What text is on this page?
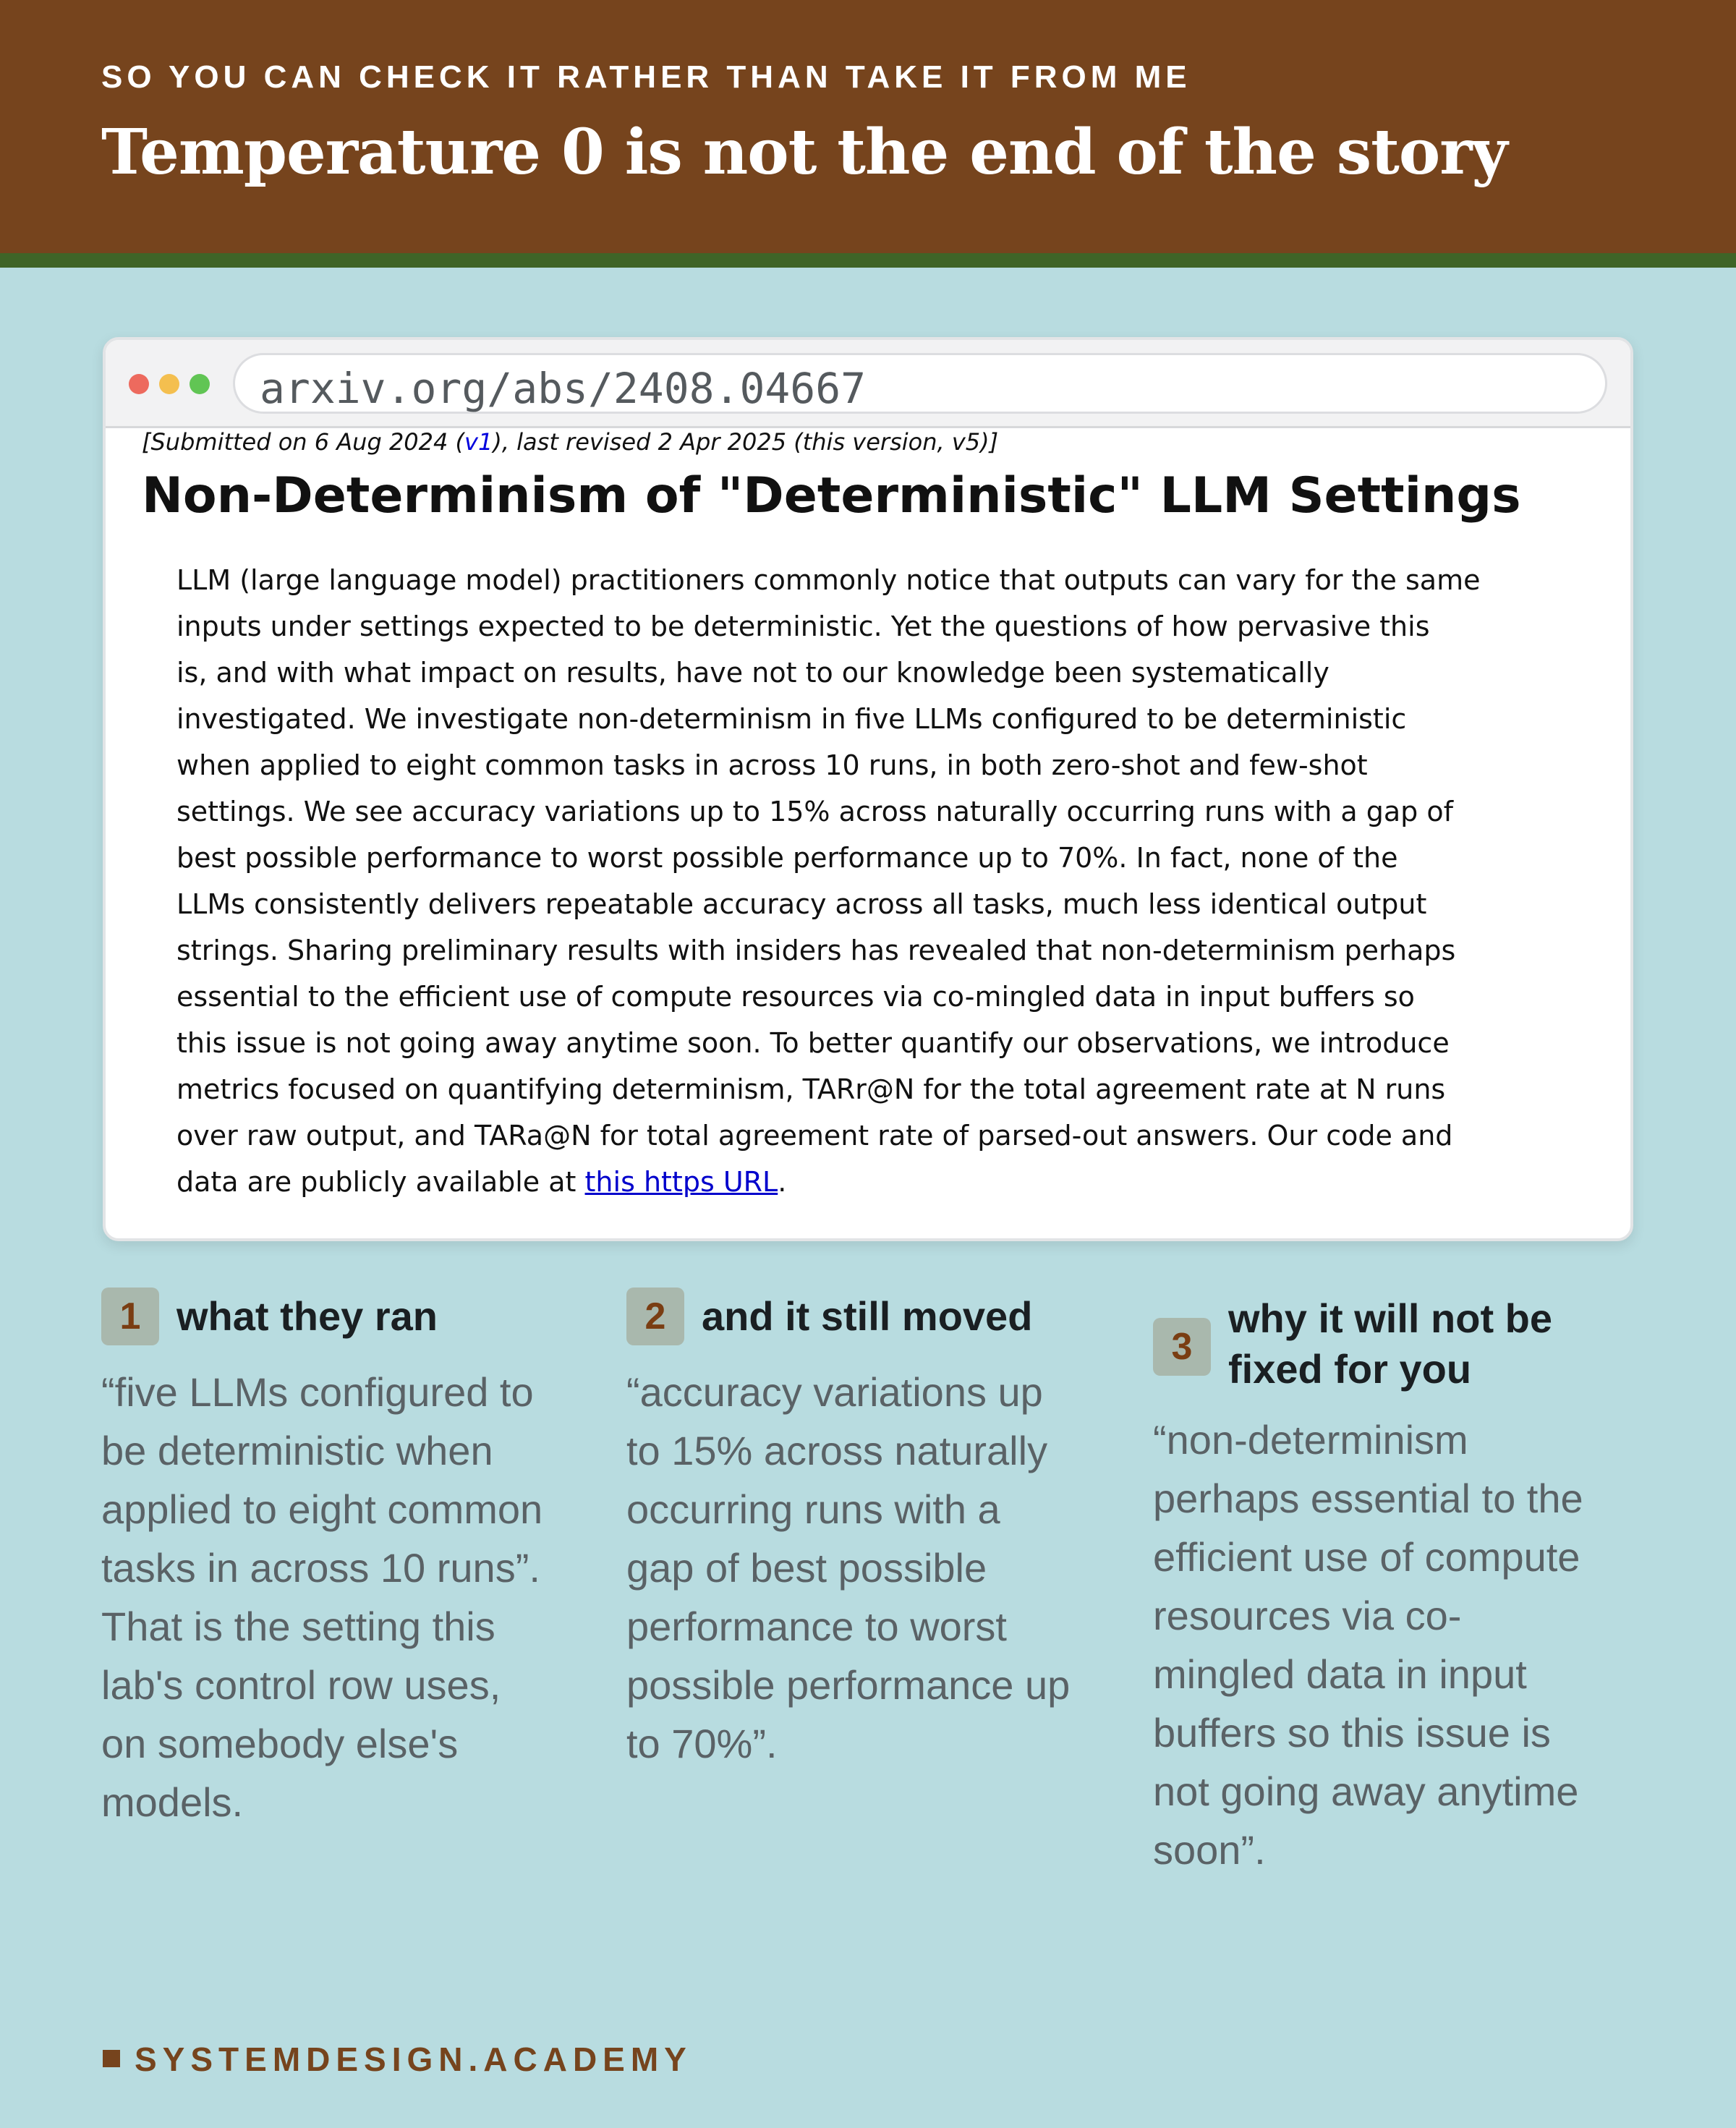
SO YOU CAN CHECK IT RATHER THAN TAKE IT FROM ME
Temperature 0 is not the end of the story
arxiv.org/abs/2408.04667
[Submitted on 6 Aug 2024 (v1), last revised 2 Apr 2025 (this version, v5)]
Non-Determinism of "Deterministic" LLM Settings
LLM (large language model) practitioners commonly notice that outputs can vary for the same
inputs under settings expected to be deterministic. Yet the questions of how pervasive this
is, and with what impact on results, have not to our knowledge been systematically
investigated. We investigate non-determinism in five LLMs configured to be deterministic
when applied to eight common tasks in across 10 runs, in both zero-shot and few-shot
settings. We see accuracy variations up to 15% across naturally occurring runs with a gap of
best possible performance to worst possible performance up to 70%. In fact, none of the
LLMs consistently delivers repeatable accuracy across all tasks, much less identical output
strings. Sharing preliminary results with insiders has revealed that non-determinism perhaps
essential to the efficient use of compute resources via co-mingled data in input buffers so
this issue is not going away anytime soon. To better quantify our observations, we introduce
metrics focused on quantifying determinism, TARr@N for the total agreement rate at N runs
over raw output, and TARa@N for total agreement rate of parsed-out answers. Our code and
data are publicly available at this https URL.
1 what they ran
“five LLMs configured to
be deterministic when
applied to eight common
tasks in across 10 runs”.
That is the setting this
lab's control row uses,
on somebody else's
models.
2 and it still moved
“accuracy variations up
to 15% across naturally
occurring runs with a
gap of best possible
performance to worst
possible performance up
to 70%”.
3
why it will not be
fixed for you
“non-determinism
perhaps essential to the
efficient use of compute
resources via co-
mingled data in input
buffers so this issue is
not going away anytime
soon”.
SYSTEMDESIGN.ACADEMY
